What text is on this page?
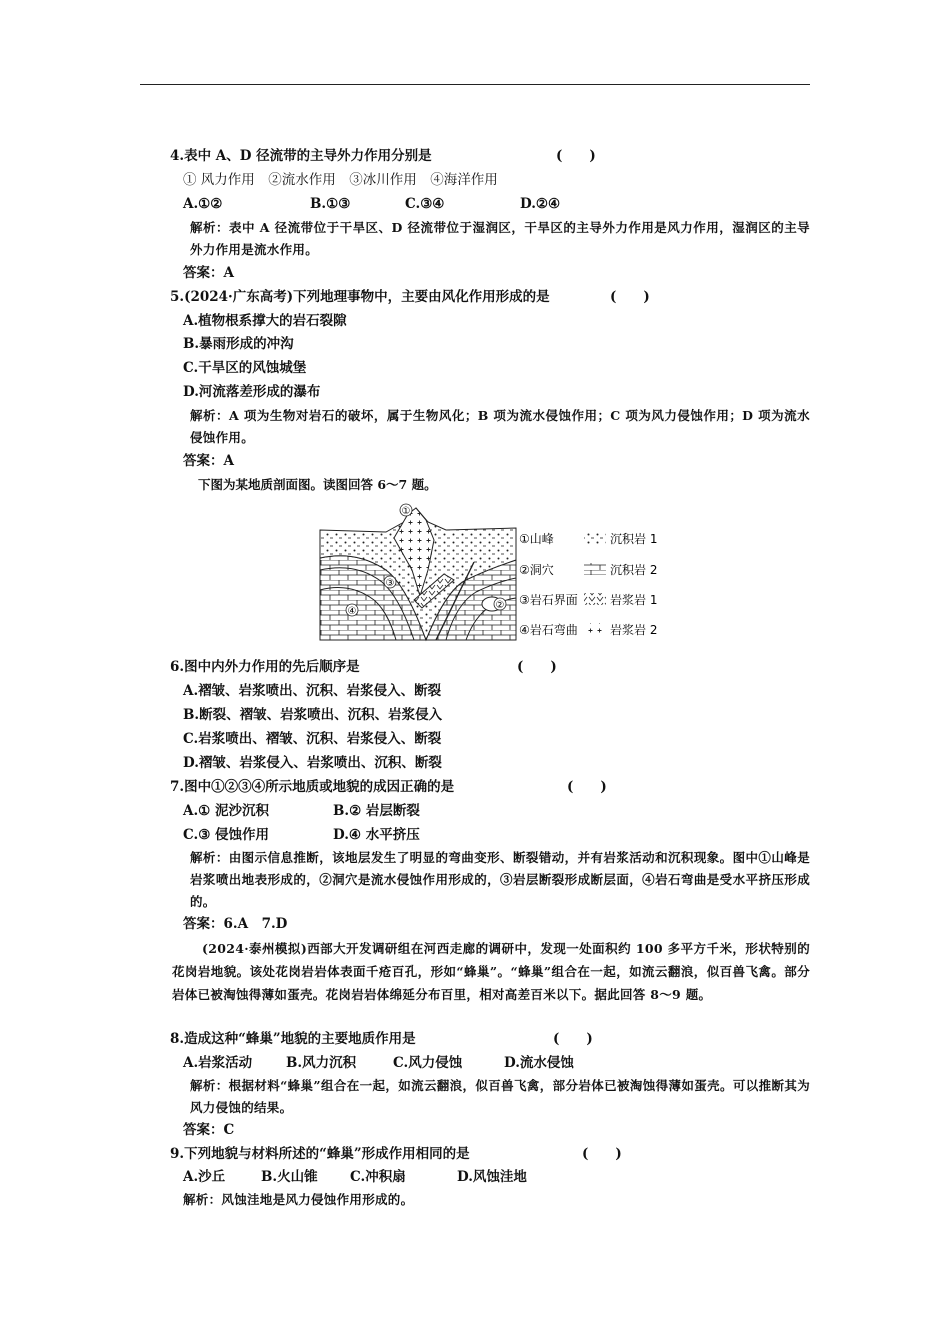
4.表中 A、D 径流带的主导外力作用分别是	(　　)
① 风力作用　②流水作用　③冰川作用　④海洋作用
A.①②	B.①③	C.③④	D.②④
解析：表中 A 径流带位于干旱区、D 径流带位于湿润区，干旱区的主导外力作用是风力作用，湿润区的主导外力作用是流水作用。
答案：A
5.(2024·广东高考)下列地理事物中，主要由风化作用形成的是	(　　)
A.植物根系撑大的岩石裂隙
B.暴雨形成的冲沟
C.干旱区的风蚀城堡
D.河流落差形成的瀑布
解析：A 项为生物对岩石的破坏，属于生物风化；B 项为流水侵蚀作用；C 项为风力侵蚀作用；D 项为流水侵蚀作用。
答案：A
下图为某地质剖面图。读图回答 6～7 题。
①
②
③
④
①山峰
②洞穴
③岩石界面
④岩石弯曲
沉积岩 1
沉积岩 2
岩浆岩 1
岩浆岩 2
6.图中内外力作用的先后顺序是	(　　)
A.褶皱、岩浆喷出、沉积、岩浆侵入、断裂
B.断裂、褶皱、岩浆喷出、沉积、岩浆侵入
C.岩浆喷出、褶皱、沉积、岩浆侵入、断裂
D.褶皱、岩浆侵入、岩浆喷出、沉积、断裂
7.图中①②③④所示地质或地貌的成因正确的是	(　　)
A.① 泥沙沉积	B.② 岩层断裂
C.③ 侵蚀作用	D.④ 水平挤压
解析：由图示信息推断，该地层发生了明显的弯曲变形、断裂错动，并有岩浆活动和沉积现象。图中①山峰是岩浆喷出地表形成的，②洞穴是流水侵蚀作用形成的，③岩层断裂形成断层面，④岩石弯曲是受水平挤压形成的。
答案：6.A　7.D
(2024·泰州模拟)西部大开发调研组在河西走廊的调研中，发现一处面积约 100 多平方千米，形状特别的花岗岩地貌。该处花岗岩岩体表面千疮百孔，形如“蜂巢”。“蜂巢”组合在一起，如流云翻浪，似百兽飞禽。部分岩体已被淘蚀得薄如蛋壳。花岗岩岩体绵延分布百里，相对高差百米以下。据此回答 8～9 题。
8.造成这种“蜂巢”地貌的主要地质作用是	(　　)
A.岩浆活动	B.风力沉积	C.风力侵蚀	D.流水侵蚀
解析：根据材料“蜂巢”组合在一起，如流云翻浪，似百兽飞禽，部分岩体已被淘蚀得薄如蛋壳。可以推断其为风力侵蚀的结果。
答案：C
9.下列地貌与材料所述的“蜂巢”形成作用相同的是	(　　)
A.沙丘	B.火山锥 C.冲积扇	D.风蚀洼地
解析：风蚀洼地是风力侵蚀作用形成的。
